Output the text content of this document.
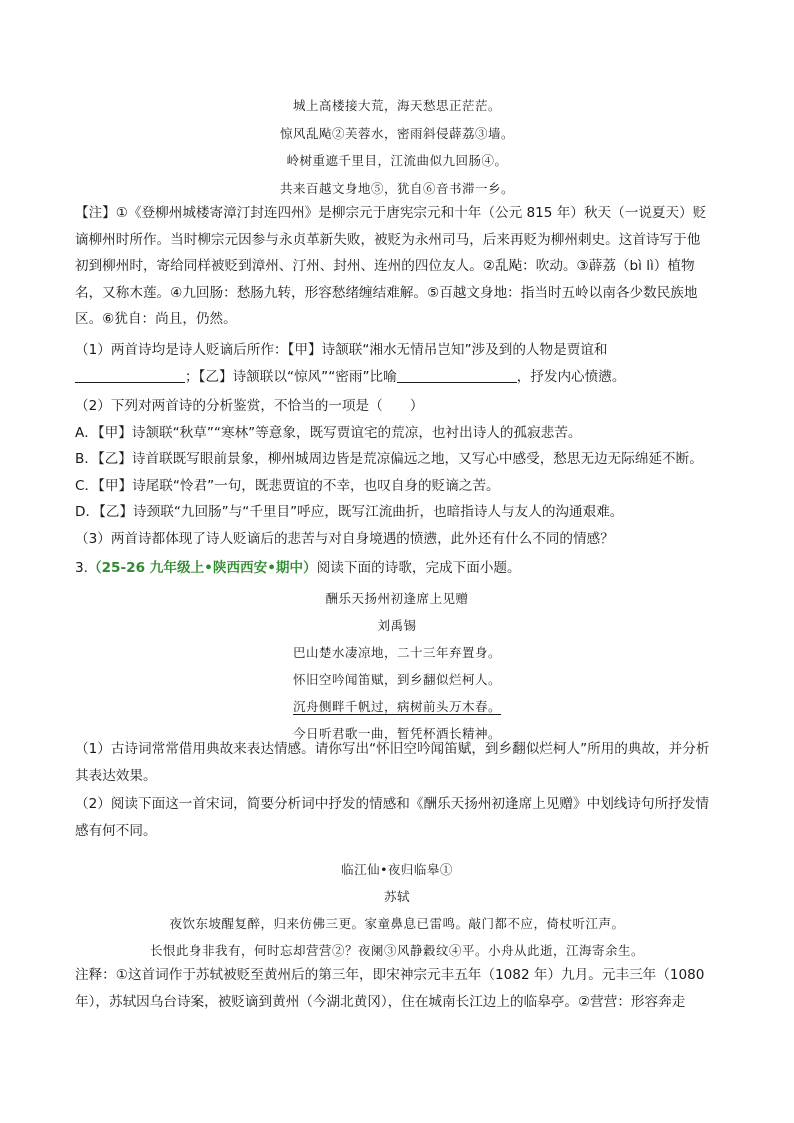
城上高楼接大荒，海天愁思正茫茫。

惊风乱飐②芙蓉水，密雨斜侵薜荔③墙。

岭树重遮千里目，江流曲似九回肠④。

共来百越文身地⑤，犹自⑥音书滞一乡。

【注】①《登柳州城楼寄漳汀封连四州》是柳宗元于唐宪宗元和十年（公元 815 年）秋天（一说夏天）贬

谪柳州时所作。当时柳宗元因参与永贞革新失败，被贬为永州司马，后来再贬为柳州刺史。这首诗写于他

初到柳州时，寄给同样被贬到漳州、汀州、封州、连州的四位友人。②乱飐：吹动。③薜荔（bì lì）植物

名，又称木莲。④九回肠：愁肠九转，形容愁绪缠结难解。⑤百越文身地：指当时五岭以南各少数民族地

区。⑥犹自：尚且，仍然。

（1）两首诗均是诗人贬谪后所作：【甲】诗颔联“湘水无情吊岂知”涉及到的人物是贾谊和

；【乙】诗颔联以“惊风”“密雨”比喻	，抒发内心愤懑。

（2）下列对两首诗的分析鉴赏，不恰当的一项是（　　）

A．【甲】诗颔联“秋草”“寒林”等意象，既写贾谊宅的荒凉，也衬出诗人的孤寂悲苦。

B．【乙】诗首联既写眼前景象，柳州城周边皆是荒凉偏远之地，又写心中感受，愁思无边无际绵延不断。

C．【甲】诗尾联“怜君”一句，既悲贾谊的不幸，也叹自身的贬谪之苦。

D．【乙】诗颈联“九回肠”与“千里目”呼应，既写江流曲折，也暗指诗人与友人的沟通艰难。

（3）两首诗都体现了诗人贬谪后的悲苦与对自身境遇的愤懑，此外还有什么不同的情感？

3.（25-26 九年级上•陕西西安•期中）阅读下面的诗歌，完成下面小题。

酬乐天扬州初逢席上见赠

刘禹锡

巴山楚水凄凉地，二十三年弃置身。

怀旧空吟闻笛赋，到乡翻似烂柯人。

沉舟侧畔千帆过，病树前头万木春。

今日听君歌一曲，暂凭杯酒长精神。

（1）古诗词常常借用典故来表达情感。请你写出“怀旧空吟闻笛赋，到乡翻似烂柯人”所用的典故，并分析

其表达效果。

（2）阅读下面这一首宋词，简要分析词中抒发的情感和《酬乐天扬州初逢席上见赠》中划线诗句所抒发情

感有何不同。

临江仙•夜归临皋①

苏轼

夜饮东坡醒复醉，归来仿佛三更。家童鼻息已雷鸣。敲门都不应，倚杖听江声。

长恨此身非我有，何时忘却营营②？夜阑③风静縠纹④平。小舟从此逝，江海寄余生。

注释：①这首词作于苏轼被贬至黄州后的第三年，即宋神宗元丰五年（1082 年）九月。元丰三年（1080

年），苏轼因乌台诗案，被贬谪到黄州（今湖北黄冈），住在城南长江边上的临皋亭。②营营：形容奔走
